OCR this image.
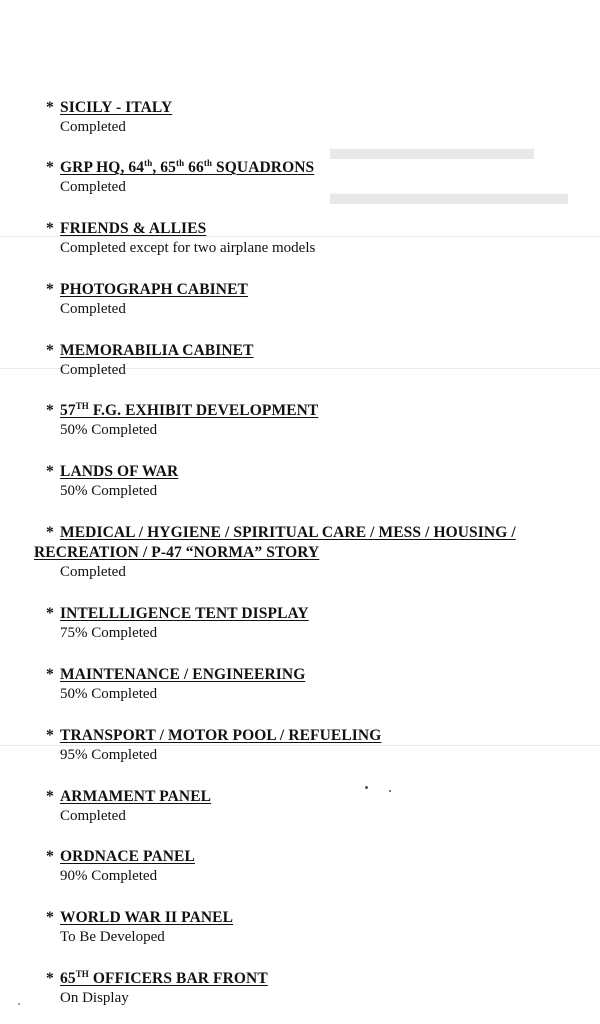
▬▬▬▬▬▬
▬▬▬▬▬▬▬
* SICILY - ITALY
Completed
* GRP HQ, 64th, 65th 66th SQUADRONS
Completed
* FRIENDS & ALLIES
Completed except for two airplane models
* PHOTOGRAPH CABINET
Completed
* MEMORABILIA CABINET
Completed
* 57TH F.G. EXHIBIT DEVELOPMENT
50% Completed
* LANDS OF WAR
50% Completed
* MEDICAL / HYGIENE / SPIRITUAL CARE / MESS / HOUSING /
RECREATION / P-47 “NORMA” STORY
Completed
* INTELLLIGENCE TENT DISPLAY
75% Completed
* MAINTENANCE / ENGINEERING
50% Completed
* TRANSPORT / MOTOR POOL / REFUELING
95% Completed
* ARMAMENT PANEL
Completed
* ORDNACE PANEL
90% Completed
* WORLD WAR II PANEL
To Be Developed
* 65TH OFFICERS BAR FRONT
On Display
